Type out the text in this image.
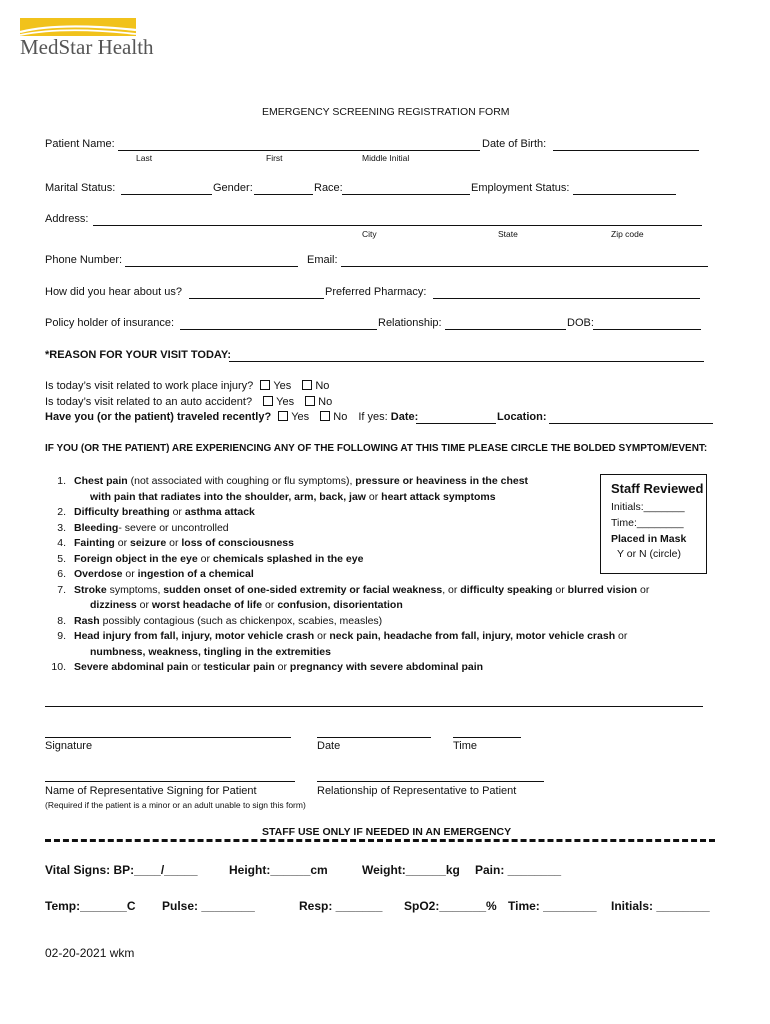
MedStar Health
EMERGENCY SCREENING REGISTRATION FORM
Patient Name:	Date of Birth:
Last	First	Middle Initial
Marital Status:	Gender:	Race:	Employment Status:
Address:
City	State	Zip code
Phone Number:	Email:
How did you hear about us?	Preferred Pharmacy:
Policy holder of insurance:	Relationship:	DOB:
*REASON FOR YOUR VISIT TODAY:
Is today’s visit related to work place injury? Yes No
Is today’s visit related to an auto accident? Yes No
Have you (or the patient) traveled recently? Yes No If yes: Date:	Location:
IF YOU (OR THE PATIENT) ARE EXPERIENCING ANY OF THE FOLLOWING AT THIS TIME PLEASE CIRCLE THE BOLDED SYMPTOM/EVENT:
1. Chest pain (not associated with coughing or flu symptoms), pressure or heaviness in the chest
with pain that radiates into the shoulder, arm, back, jaw or heart attack symptoms
2. Difficulty breathing or asthma attack
3. Bleeding- severe or uncontrolled
4. Fainting or seizure or loss of consciousness
5. Foreign object in the eye or chemicals splashed in the eye
6. Overdose or ingestion of a chemical
7. Stroke symptoms, sudden onset of one-sided extremity or facial weakness, or difficulty speaking or blurred vision or
dizziness or worst headache of life or confusion, disorientation
8. Rash possibly contagious (such as chickenpox, scabies, measles)
9. Head injury from fall, injury, motor vehicle crash or neck pain, headache from fall, injury, motor vehicle crash or
numbness, weakness, tingling in the extremities
10. Severe abdominal pain or testicular pain or pregnancy with severe abdominal pain
Staff Reviewed
Initials:_______
Time:________
Placed in Mask
Y or N (circle)
Signature	Date	Time
Name of Representative Signing for Patient	Relationship of Representative to Patient
(Required if the patient is a minor or an adult unable to sign this form)
STAFF USE ONLY IF NEEDED IN AN EMERGENCY
Vital Signs: BP:____/_____	Height:______cm	Weight:______kg Pain: ________
Temp:_______C Pulse: ________	Resp: _______ SpO2:_______% Time: ________ Initials: ________
02-20-2021 wkm
